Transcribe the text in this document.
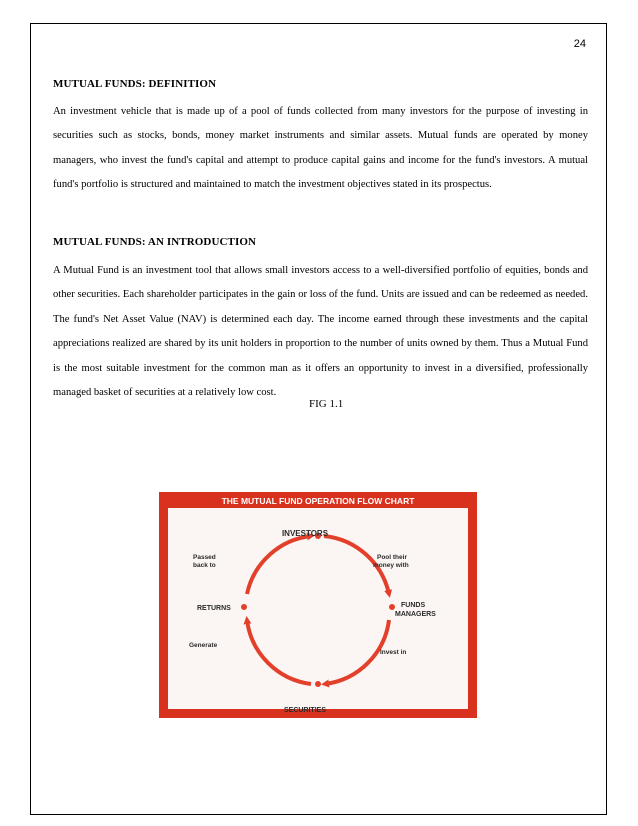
24
MUTUAL FUNDS: DEFINITION

An investment vehicle that is made up of a pool of funds collected from many investors for the purpose of investing in securities such as stocks, bonds, money market instruments and similar assets. Mutual funds are operated by money managers, who invest the fund's capital and attempt to produce capital gains and income for the fund's investors. A mutual fund's portfolio is structured and maintained to match the investment objectives stated in its prospectus.

MUTUAL FUNDS: AN INTRODUCTION

A Mutual Fund is an investment tool that allows small investors access to a well-diversified portfolio of equities, bonds and other securities. Each shareholder participates in the gain or loss of the fund. Units are issued and can be redeemed as needed. The fund's Net Asset Value (NAV) is determined each day. The income earned through these investments and the capital appreciations realized are shared by its unit holders in proportion to the number of units owned by them. Thus a Mutual Fund is the most suitable investment for the common man as it offers an opportunity to invest in a diversified, professionally managed basket of securities at a relatively low cost.

FIG 1.1
THE MUTUAL FUND OPERATION FLOW CHART
INVESTORS
FUNDS
MANAGERS
SECURITIES
RETURNS
Pool their
money with
Invest in
Generate
Passed
back to
